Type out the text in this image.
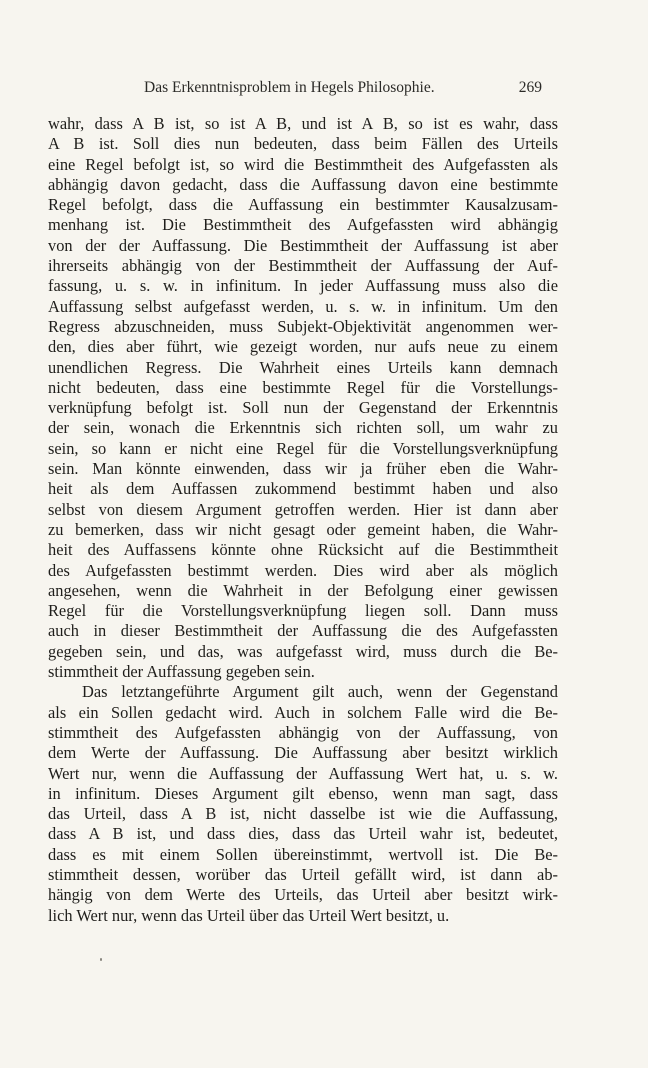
Das Erkenntnisproblem in Hegels Philosophie.	269
wahr, dass A B ist, so ist A B, und ist A B, so ist es wahr, dass
A B ist. Soll dies nun bedeuten, dass beim Fällen des Urteils
eine Regel befolgt ist, so wird die Bestimmtheit des Aufgefassten als
abhängig davon gedacht, dass die Auffassung davon eine bestimmte
Regel befolgt, dass die Auffassung ein bestimmter Kausalzusam-
menhang ist. Die Bestimmtheit des Aufgefassten wird abhängig
von der der Auffassung. Die Bestimmtheit der Auffassung ist aber
ihrerseits abhängig von der Bestimmtheit der Auffassung der Auf-
fassung, u. s. w. in infinitum. In jeder Auffassung muss also die
Auffassung selbst aufgefasst werden, u. s. w. in infinitum. Um den
Regress abzuschneiden, muss Subjekt-Objektivität angenommen wer-
den, dies aber führt, wie gezeigt worden, nur aufs neue zu einem
unendlichen Regress. Die Wahrheit eines Urteils kann demnach
nicht bedeuten, dass eine bestimmte Regel für die Vorstellungs-
verknüpfung befolgt ist. Soll nun der Gegenstand der Erkenntnis
der sein, wonach die Erkenntnis sich richten soll, um wahr zu
sein, so kann er nicht eine Regel für die Vorstellungsverknüpfung
sein. Man könnte einwenden, dass wir ja früher eben die Wahr-
heit als dem Auffassen zukommend bestimmt haben und also
selbst von diesem Argument getroffen werden. Hier ist dann aber
zu bemerken, dass wir nicht gesagt oder gemeint haben, die Wahr-
heit des Auffassens könnte ohne Rücksicht auf die Bestimmtheit
des Aufgefassten bestimmt werden. Dies wird aber als möglich
angesehen, wenn die Wahrheit in der Befolgung einer gewissen
Regel für die Vorstellungsverknüpfung liegen soll. Dann muss
auch in dieser Bestimmtheit der Auffassung die des Aufgefassten
gegeben sein, und das, was aufgefasst wird, muss durch die Be-
stimmtheit der Auffassung gegeben sein.
Das letztangeführte Argument gilt auch, wenn der Gegenstand
als ein Sollen gedacht wird. Auch in solchem Falle wird die Be-
stimmtheit des Aufgefassten abhängig von der Auffassung, von
dem Werte der Auffassung. Die Auffassung aber besitzt wirklich
Wert nur, wenn die Auffassung der Auffassung Wert hat, u. s. w.
in infinitum. Dieses Argument gilt ebenso, wenn man sagt, dass
das Urteil, dass A B ist, nicht dasselbe ist wie die Auffassung,
dass A B ist, und dass dies, dass das Urteil wahr ist, bedeutet,
dass es mit einem Sollen übereinstimmt, wertvoll ist. Die Be-
stimmtheit dessen, worüber das Urteil gefällt wird, ist dann ab-
hängig von dem Werte des Urteils, das Urteil aber besitzt wirk-
lich Wert nur, wenn das Urteil über das Urteil Wert besitzt, u.
